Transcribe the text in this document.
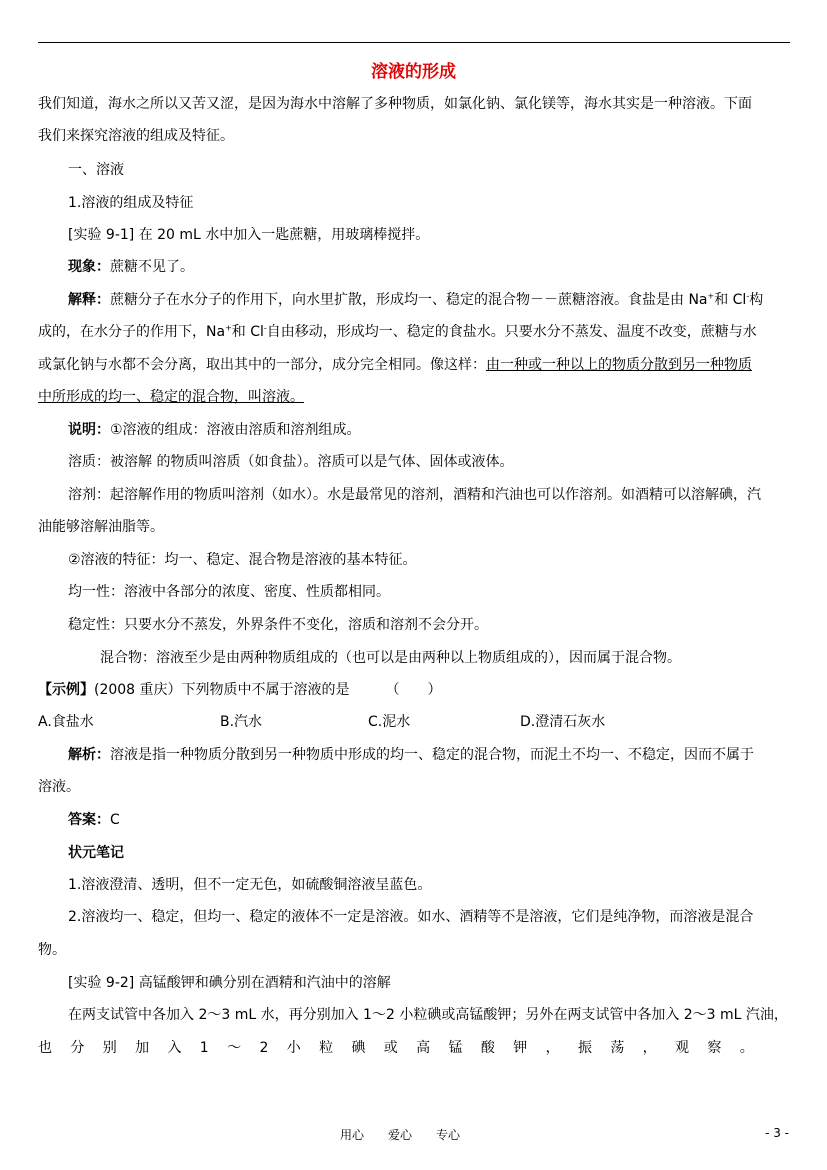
溶液的形成
我们知道，海水之所以又苦又涩，是因为海水中溶解了多种物质，如氯化钠、氯化镁等，海水其实是一种溶液。下面
我们来探究溶液的组成及特征。
一、溶液
1.溶液的组成及特征
[实验 9-1] 在 20 mL 水中加入一匙蔗糖，用玻璃棒搅拌。
现象：蔗糖不见了。
解释：蔗糖分子在水分子的作用下，向水里扩散，形成均一、稳定的混合物－－蔗糖溶液。食盐是由 Na+和 Cl-构
成的，在水分子的作用下，Na+和 Cl-自由移动，形成均一、稳定的食盐水。只要水分不蒸发、温度不改变，蔗糖与水
或氯化钠与水都不会分离，取出其中的一部分，成分完全相同。像这样：由一种或一种以上的物质分散到另一种物质
中所形成的均一、稳定的混合物，叫溶液。
说明：①溶液的组成：溶液由溶质和溶剂组成。
溶质：被溶解 的物质叫溶质（如食盐）。溶质可以是气体、固体或液体。
溶剂：起溶解作用的物质叫溶剂（如水）。水是最常见的溶剂，酒精和汽油也可以作溶剂。如酒精可以溶解碘，汽
油能够溶解油脂等。
②溶液的特征：均一、稳定、混合物是溶液的基本特征。
均一性：溶液中各部分的浓度、密度、性质都相同。
稳定性：只要水分不蒸发，外界条件不变化，溶质和溶剂不会分开。
混合物：溶液至少是由两种物质组成的（也可以是由两种以上物质组成的），因而属于混合物。
【示例】(2008 重庆）下列物质中不属于溶液的是	（　　）
A.食盐水	B.汽水	C.泥水	D.澄清石灰水
解析：溶液是指一种物质分散到另一种物质中形成的均一、稳定的混合物，而泥土不均一、不稳定，因而不属于
溶液。
答案：C
状元笔记
1.溶液澄清、透明，但不一定无色，如硫酸铜溶液呈蓝色。
2.溶液均一、稳定，但均一、稳定的液体不一定是溶液。如水、酒精等不是溶液，它们是纯净物，而溶液是混合
物。
[实验 9-2] 高锰酸钾和碘分别在酒精和汽油中的溶解
在两支试管中各加入 2～3 mL 水，再分别加入 1～2 小粒碘或高锰酸钾；另外在两支试管中各加入 2～3 mL 汽油，
也 分 别 加 入 1 ～ 2 小 粒 碘 或 高 锰 酸 钾 ， 振 荡 ， 观 察 。
用心 爱心 专心	- 3 -
